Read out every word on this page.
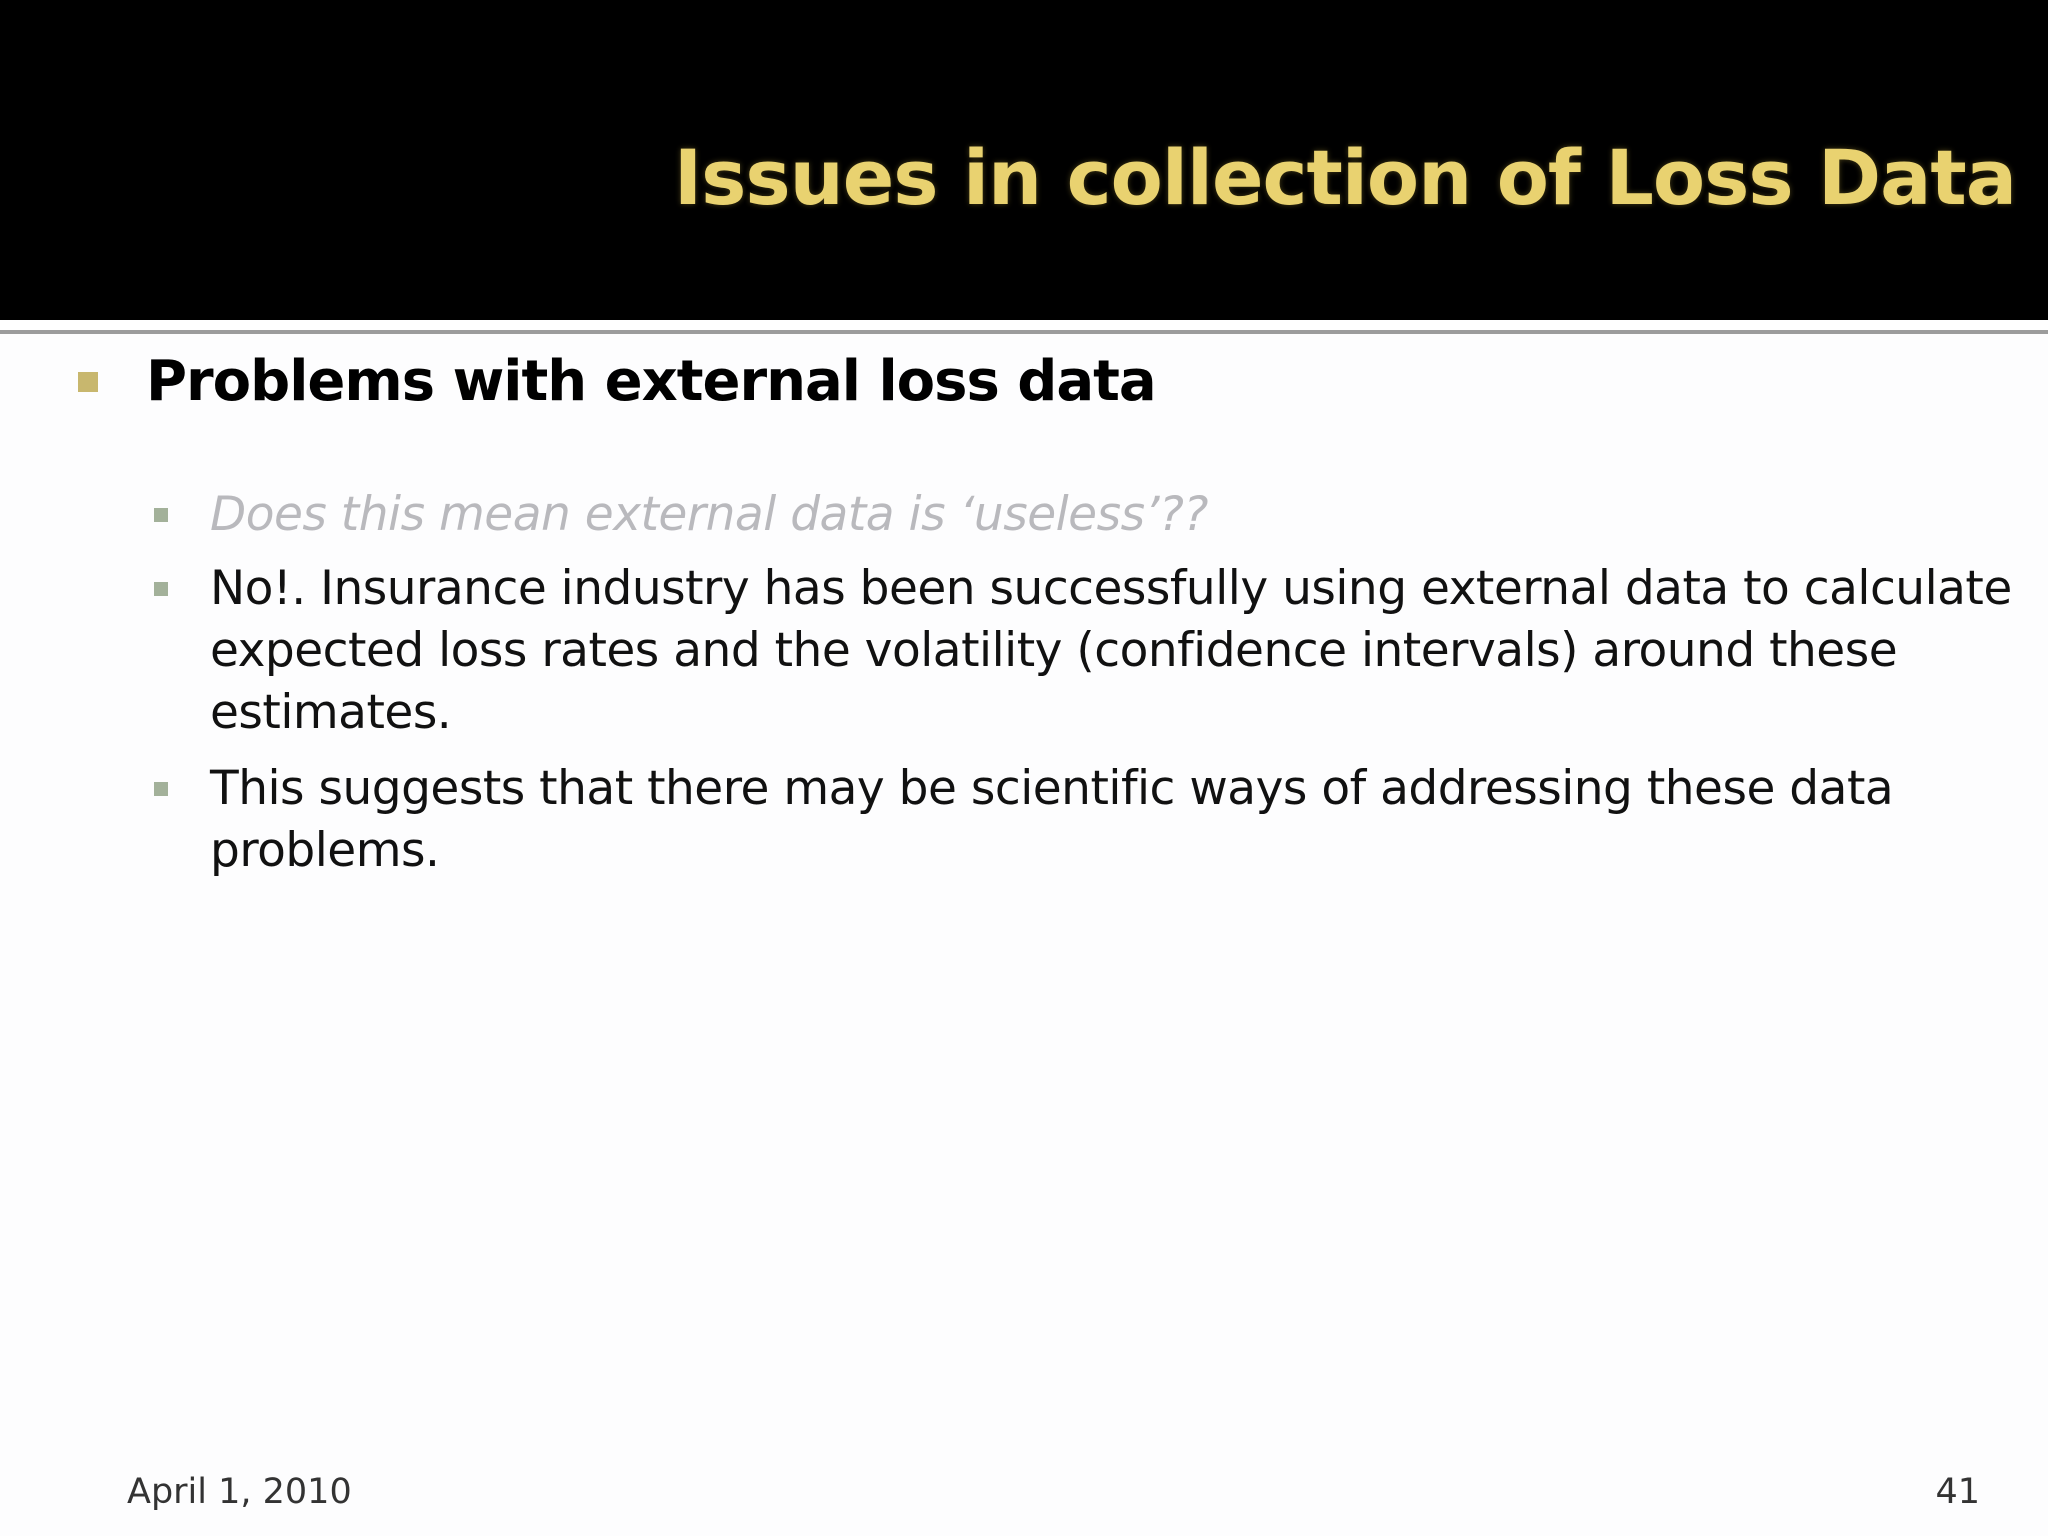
Issues in collection of Loss Data
Problems with external loss data
Does this mean external data is ‘useless’??
No!. Insurance industry has been successfully using external data to calculate expected loss rates and the volatility (confidence intervals) around these estimates.
This suggests that there may be scientific ways of addressing these data problems.
April 1, 2010	41
